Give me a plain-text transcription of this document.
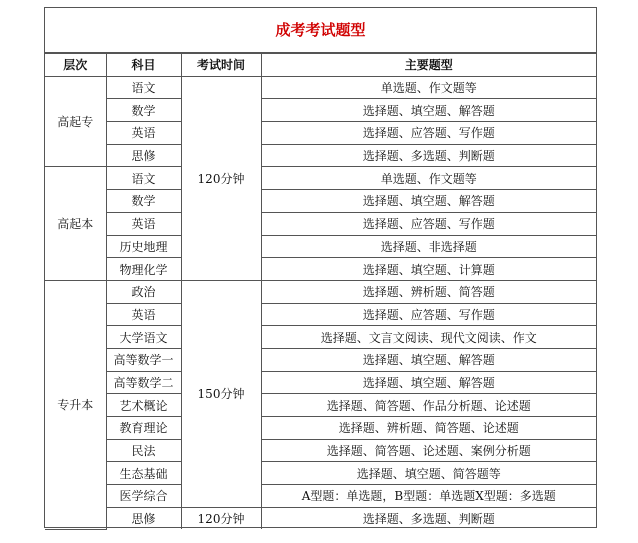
成考考试题型
层次	科目	考试时间	主要题型
高起专	语文	120分钟	单选题、作文题等
	数学		选择题、填空题、解答题
	英语		选择题、应答题、写作题
	思修		选择题、多选题、判断题
高起本	语文		单选题、作文题等
	数学		选择题、填空题、解答题
	英语		选择题、应答题、写作题
	历史地理		选择题、非选择题
	物理化学		选择题、填空题、计算题
专升本	政治	150分钟	选择题、辨析题、简答题
	英语		选择题、应答题、写作题
	大学语文		选择题、文言文阅读、现代文阅读、作文
	高等数学一		选择题、填空题、解答题
	高等数学二		选择题、填空题、解答题
	艺术概论		选择题、简答题、作品分析题、论述题
	教育理论		选择题、辨析题、简答题、论述题
	民法		选择题、简答题、论述题、案例分析题
	生态基础		选择题、填空题、简答题等
	医学综合		A型题：单选题，B型题：单选题X型题：多选题
	思修	120分钟	选择题、多选题、判断题
